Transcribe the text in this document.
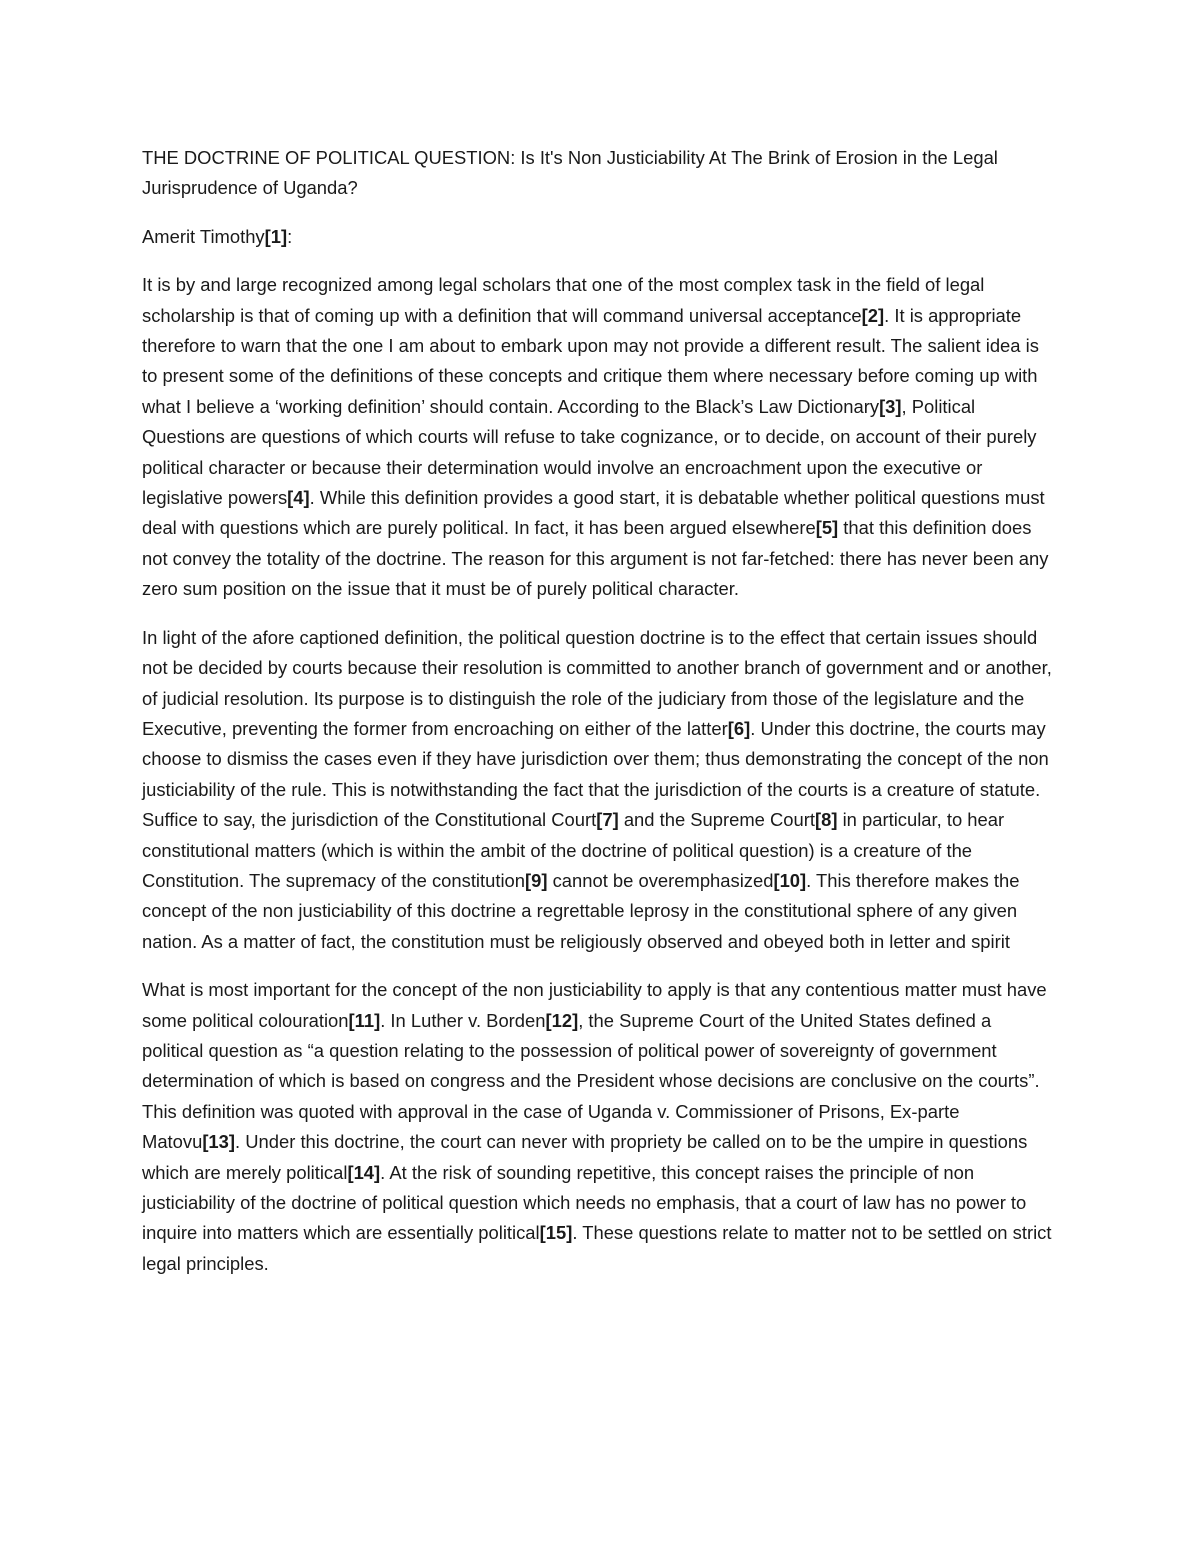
THE DOCTRINE OF POLITICAL QUESTION: Is It's Non Justiciability At The Brink of Erosion in the Legal Jurisprudence of Uganda?
Amerit Timothy[1]:

It is by and large recognized among legal scholars that one of the most complex task in the field of legal scholarship is that of coming up with a definition that will command universal acceptance[2]. It is appropriate therefore to warn that the one I am about to embark upon may not provide a different result. The salient idea is to present some of the definitions of these concepts and critique them where necessary before coming up with what I believe a ‘working definition’ should contain. According to the Black’s Law Dictionary[3], Political Questions are questions of which courts will refuse to take cognizance, or to decide, on account of their purely political character or because their determination would involve an encroachment upon the executive or legislative powers[4]. While this definition provides a good start, it is debatable whether political questions must deal with questions which are purely political. In fact, it has been argued elsewhere[5] that this definition does not convey the totality of the doctrine. The reason for this argument is not far-fetched: there has never been any zero sum position on the issue that it must be of purely political character.

In light of the afore captioned definition, the political question doctrine is to the effect that certain issues should not be decided by courts because their resolution is committed to another branch of government and or another, of judicial resolution. Its purpose is to distinguish the role of the judiciary from those of the legislature and the Executive, preventing the former from encroaching on either of the latter[6]. Under this doctrine, the courts may choose to dismiss the cases even if they have jurisdiction over them; thus demonstrating the concept of the non justiciability of the rule. This is notwithstanding the fact that the jurisdiction of the courts is a creature of statute. Suffice to say, the jurisdiction of the Constitutional Court[7] and the Supreme Court[8] in particular, to hear constitutional matters (which is within the ambit of the doctrine of political question) is a creature of the Constitution. The supremacy of the constitution[9] cannot be overemphasized[10]. This therefore makes the concept of the non justiciability of this doctrine a regrettable leprosy in the constitutional sphere of any given nation. As a matter of fact, the constitution must be religiously observed and obeyed both in letter and spirit

What is most important for the concept of the non justiciability to apply is that any contentious matter must have some political colouration[11]. In Luther v. Borden[12], the Supreme Court of the United States defined a political question as “a question relating to the possession of political power of sovereignty of government determination of which is based on congress and the President whose decisions are conclusive on the courts”. This definition was quoted with approval in the case of Uganda v. Commissioner of Prisons, Ex-parte Matovu[13]. Under this doctrine, the court can never with propriety be called on to be the umpire in questions which are merely political[14]. At the risk of sounding repetitive, this concept raises the principle of non justiciability of the doctrine of political question which needs no emphasis, that a court of law has no power to inquire into matters which are essentially political[15]. These questions relate to matter not to be settled on strict legal principles.
